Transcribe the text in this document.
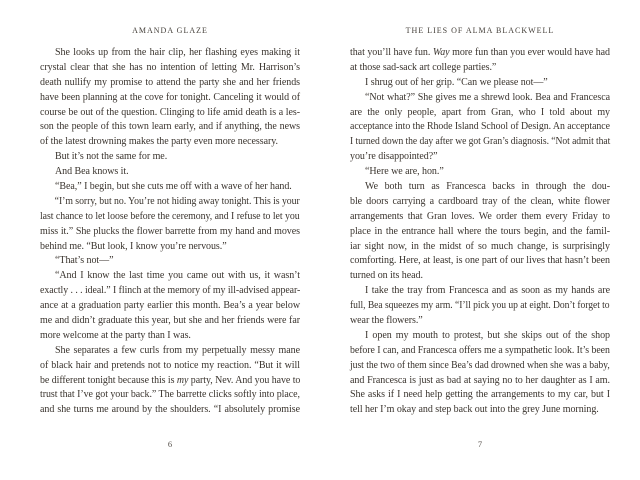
AMANDA GLAZE
She looks up from the hair clip, her flashing eyes making it
crystal clear that she has no intention of letting Mr. Harrison’s
death nullify my promise to attend the party she and her friends
have been planning at the cove for tonight. Canceling it would of
course be out of the question. Clinging to life amid death is a les-
son the people of this town learn early, and if anything, the news
of the latest drowning makes the party even more necessary.
But it’s not the same for me.
And Bea knows it.
“Bea,” I begin, but she cuts me off with a wave of her hand.
“I’m sorry, but no. You’re not hiding away tonight. This is your
last chance to let loose before the ceremony, and I refuse to let you
miss it.” She plucks the flower barrette from my hand and moves
behind me. “But look, I know you’re nervous.”
“That’s not—”
“And I know the last time you came out with us, it wasn’t
exactly . . . ideal.” I flinch at the memory of my ill-advised appear-
ance at a graduation party earlier this month. Bea’s a year below
me and didn’t graduate this year, but she and her friends were far
more welcome at the party than I was.
She separates a few curls from my perpetually messy mane
of black hair and pretends not to notice my reaction. “But it will
be different tonight because this is my party, Nev. And you have to
trust that I’ve got your back.” The barrette clicks softly into place,
and she turns me around by the shoulders. “I absolutely promise
6
THE LIES OF ALMA BLACKWELL
that you’ll have fun. Way more fun than you ever would have had
at those sad-sack art college parties.”
I shrug out of her grip. “Can we please not—”
“Not what?” She gives me a shrewd look. Bea and Francesca
are the only people, apart from Gran, who I told about my
acceptance into the Rhode Island School of Design. An acceptance
I turned down the day after we got Gran’s diagnosis. “Not admit that
you’re disappointed?”
“Here we are, hon.”
We both turn as Francesca backs in through the dou-
ble doors carrying a cardboard tray of the clean, white flower
arrangements that Gran loves. We order them every Friday to
place in the entrance hall where the tours begin, and the famil-
iar sight now, in the midst of so much change, is surprisingly
comforting. Here, at least, is one part of our lives that hasn’t been
turned on its head.
I take the tray from Francesca and as soon as my hands are
full, Bea squeezes my arm. “I’ll pick you up at eight. Don’t forget to
wear the flowers.”
I open my mouth to protest, but she skips out of the shop
before I can, and Francesca offers me a sympathetic look. It’s been
just the two of them since Bea’s dad drowned when she was a baby,
and Francesca is just as bad at saying no to her daughter as I am.
She asks if I need help getting the arrangements to my car, but I
tell her I’m okay and step back out into the grey June morning.
7
